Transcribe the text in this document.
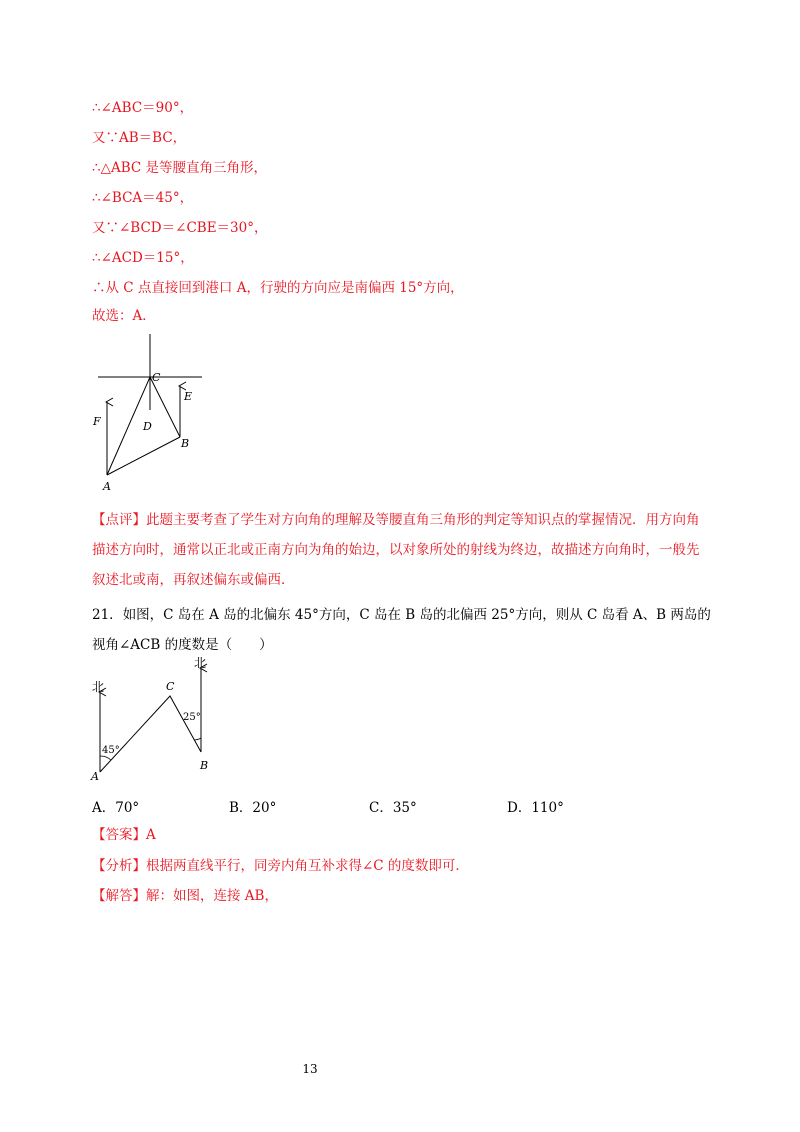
∴∠ABC＝90°，
又∵AB＝BC，
∴△ABC 是等腰直角三角形，
∴∠BCA＝45°，
又∵∠BCD＝∠CBE＝30°，
∴∠ACD＝15°，
∴从 C 点直接回到港口 A，行驶的方向应是南偏西 15°方向，
故选：A．
C
D
E
F
B
A
【点评】此题主要考查了学生对方向角的理解及等腰直角三角形的判定等知识点的掌握情况．用方向角描述方向时，通常以正北或正南方向为角的始边，以对象所处的射线为终边，故描述方向角时，一般先叙述北或南，再叙述偏东或偏西．
21．如图，C 岛在 A 岛的北偏东 45°方向，C 岛在 B 岛的北偏西 25°方向，则从 C 岛看 A、B 两岛的视角∠ACB 的度数是（　　）
北
北
C
45°
25°
A
B
A．70°	B．20°	C．35°	D．110°
【答案】A
【分析】根据两直线平行，同旁内角互补求得∠C 的度数即可．
【解答】解：如图，连接 AB，
13
